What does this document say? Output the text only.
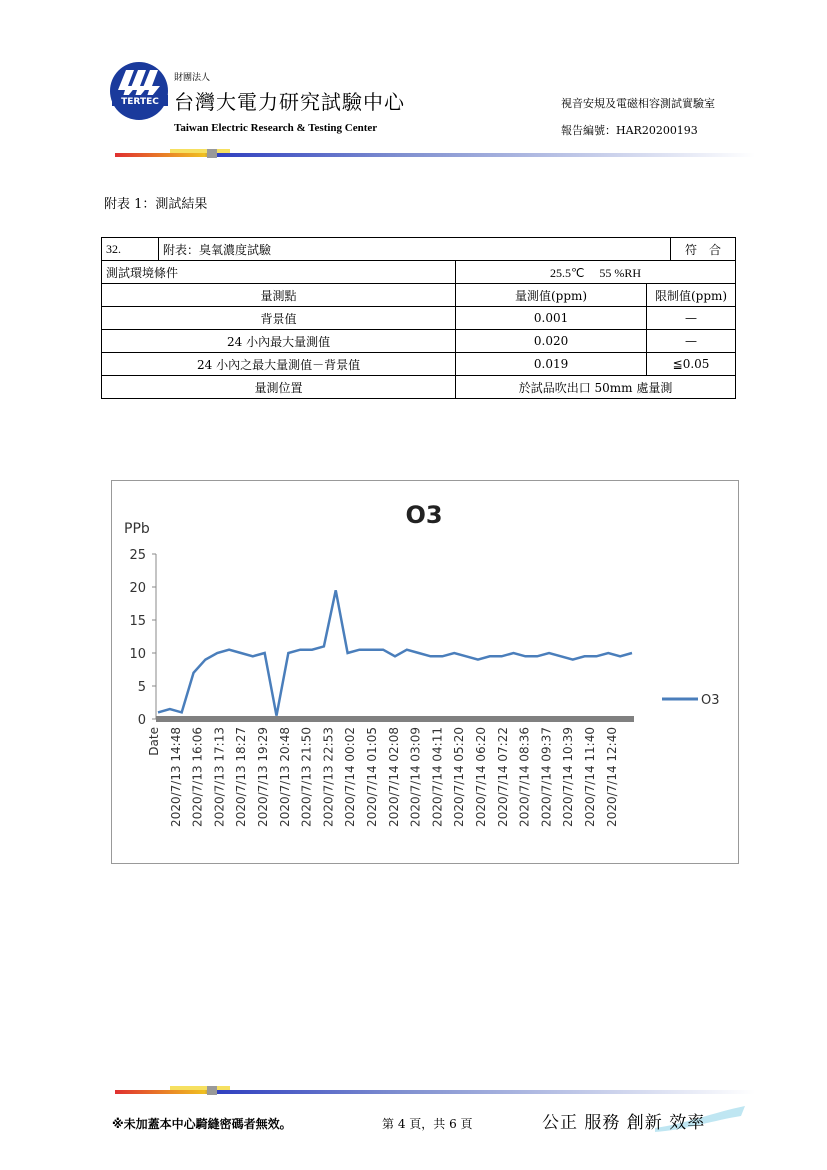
TERTEC
財團法人
台灣大電力研究試驗中心
Taiwan Electric Research & Testing Center
視音安規及電磁相容測試實驗室
報告編號：HAR20200193
附表 1：測試結果
32.	附表：臭氧濃度試驗			符　合
測試環境條件		25.5℃　 55 %RH		
量測點		量測值(ppm)	限制值(ppm)	
背景值		0.001	—	
24 小內最大量測值		0.020	—	
24 小內之最大量測值－背景值		0.019	≦0.05	
量測位置		於試品吹出口 50mm 處量測		
O3
PPb
0
5
10
15
20
25
Date 2020/7/13 14:48 2020/7/13 16:06 2020/7/13 17:13 2020/7/13 18:27 2020/7/13 19:29 2020/7/13 20:48 2020/7/13 21:50 2020/7/13 22:53 2020/7/14 00:02 2020/7/14 01:05 2020/7/14 02:08 2020/7/14 03:09 2020/7/14 04:11 2020/7/14 05:20 2020/7/14 06:20 2020/7/14 07:22 2020/7/14 08:36 2020/7/14 09:37 2020/7/14 10:39 2020/7/14 11:40 2020/7/14 12:40
O3
※未加蓋本中心騎縫密碼者無效。	第 4 頁，共 6 頁	公正 服務 創新 效率
